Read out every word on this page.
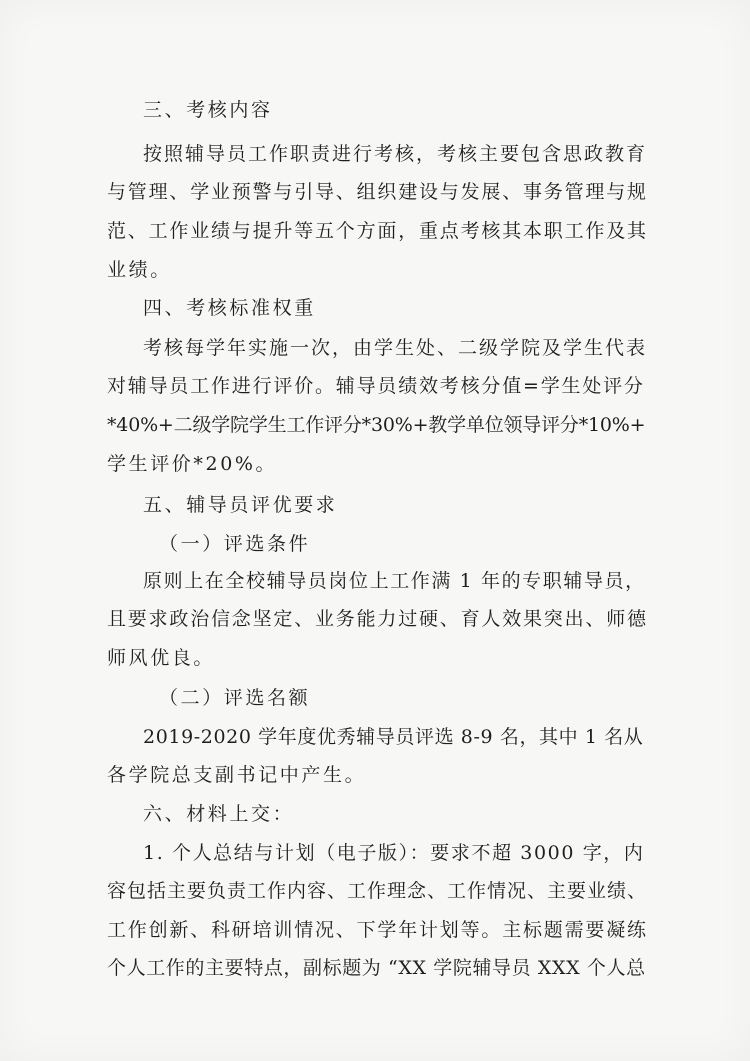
三、考核内容
按照辅导员工作职责进行考核，考核主要包含思政教育
与管理、学业预警与引导、组织建设与发展、事务管理与规
范、工作业绩与提升等五个方面，重点考核其本职工作及其
业绩。
四、考核标准权重
考核每学年实施一次，由学生处、二级学院及学生代表
对辅导员工作进行评价。辅导员绩效考核分值=学生处评分
*40%+二级学院学生工作评分*30%+教学单位领导评分*10%+
学生评价*20%。
五、辅导员评优要求
（一）评选条件
原则上在全校辅导员岗位上工作满 1 年的专职辅导员，
且要求政治信念坚定、业务能力过硬、育人效果突出、师德
师风优良。
（二）评选名额
2019-2020 学年度优秀辅导员评选 8-9 名，其中 1 名从
各学院总支副书记中产生。
六、材料上交：
1. 个人总结与计划（电子版）：要求不超 3000 字，内
容包括主要负责工作内容、工作理念、工作情况、主要业绩、
工作创新、科研培训情况、下学年计划等。主标题需要凝练
个人工作的主要特点，副标题为 “XX 学院辅导员 XXX 个人总
